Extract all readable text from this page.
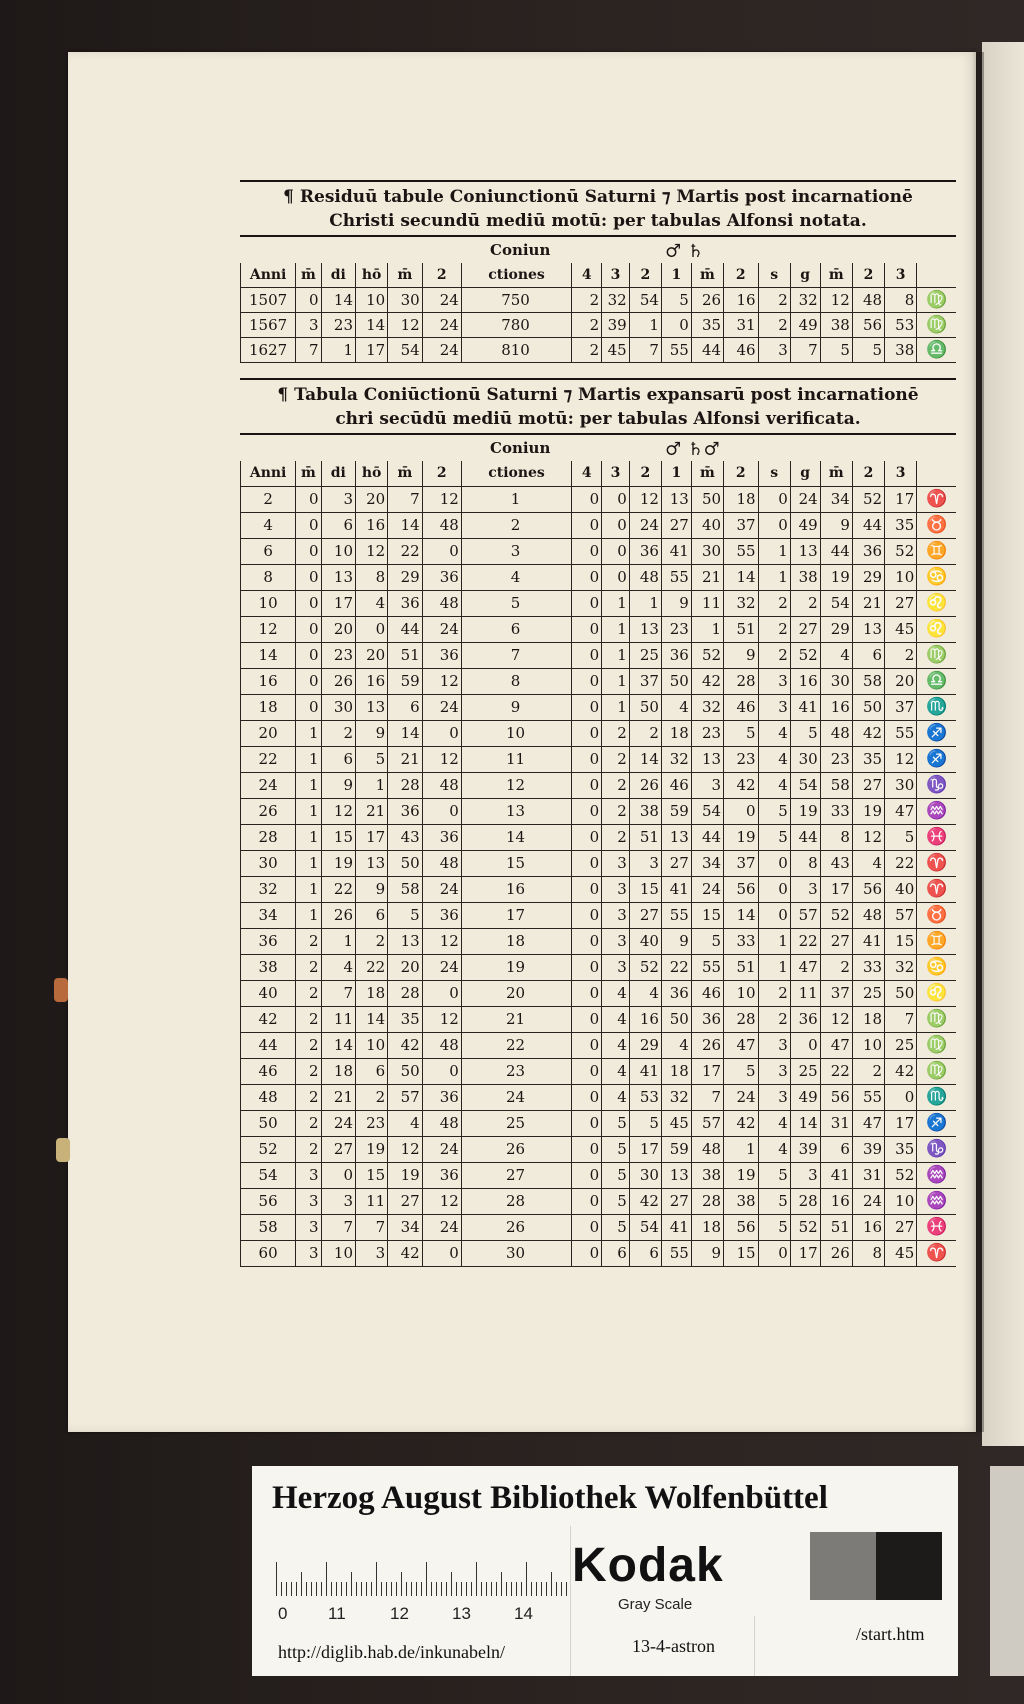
¶ Residuū tabule Coniunctionū Saturni ⁊ Martis post incarnationē
Christi secundū mediū motū: per tabulas Alfonsi notata.
Coniun	♂ ♄
Anni	m̄	di	hō	m̄	2	ctiones	4	3	2	1	m̄	2	s	g	m̄	2	3	
1507	0	14	10	30	24	750	2	32	54	5	26	16	2	32	12	48	8	♍
1567	3	23	14	12	24	780	2	39	1	0	35	31	2	49	38	56	53	♍
1627	7	1	17	54	24	810	2	45	7	55	44	46	3	7	5	5	38	♎
¶ Tabula Coniūctionū Saturni ⁊ Martis expansarū post incarnationē
chri secūdū mediū motū: per tabulas Alfonsi verificata.
Coniun	♂ ♄♂
Anni	m̄	di	hō	m̄	2	ctiones	4	3	2	1	m̄	2	s	g	m̄	2	3	
2	0	3	20	7	12	1	0	0	12	13	50	18	0	24	34	52	17	♈
4	0	6	16	14	48	2	0	0	24	27	40	37	0	49	9	44	35	♉
6	0	10	12	22	0	3	0	0	36	41	30	55	1	13	44	36	52	♊
8	0	13	8	29	36	4	0	0	48	55	21	14	1	38	19	29	10	♋
10	0	17	4	36	48	5	0	1	1	9	11	32	2	2	54	21	27	♌
12	0	20	0	44	24	6	0	1	13	23	1	51	2	27	29	13	45	♌
14	0	23	20	51	36	7	0	1	25	36	52	9	2	52	4	6	2	♍
16	0	26	16	59	12	8	0	1	37	50	42	28	3	16	30	58	20	♎
18	0	30	13	6	24	9	0	1	50	4	32	46	3	41	16	50	37	♏
20	1	2	9	14	0	10	0	2	2	18	23	5	4	5	48	42	55	♐
22	1	6	5	21	12	11	0	2	14	32	13	23	4	30	23	35	12	♐
24	1	9	1	28	48	12	0	2	26	46	3	42	4	54	58	27	30	♑
26	1	12	21	36	0	13	0	2	38	59	54	0	5	19	33	19	47	♒
28	1	15	17	43	36	14	0	2	51	13	44	19	5	44	8	12	5	♓
30	1	19	13	50	48	15	0	3	3	27	34	37	0	8	43	4	22	♈
32	1	22	9	58	24	16	0	3	15	41	24	56	0	3	17	56	40	♈
34	1	26	6	5	36	17	0	3	27	55	15	14	0	57	52	48	57	♉
36	2	1	2	13	12	18	0	3	40	9	5	33	1	22	27	41	15	♊
38	2	4	22	20	24	19	0	3	52	22	55	51	1	47	2	33	32	♋
40	2	7	18	28	0	20	0	4	4	36	46	10	2	11	37	25	50	♌
42	2	11	14	35	12	21	0	4	16	50	36	28	2	36	12	18	7	♍
44	2	14	10	42	48	22	0	4	29	4	26	47	3	0	47	10	25	♍
46	2	18	6	50	0	23	0	4	41	18	17	5	3	25	22	2	42	♍
48	2	21	2	57	36	24	0	4	53	32	7	24	3	49	56	55	0	♏
50	2	24	23	4	48	25	0	5	5	45	57	42	4	14	31	47	17	♐
52	2	27	19	12	24	26	0	5	17	59	48	1	4	39	6	39	35	♑
54	3	0	15	19	36	27	0	5	30	13	38	19	5	3	41	31	52	♒
56	3	3	11	27	12	28	0	5	42	27	28	38	5	28	16	24	10	♒
58	3	7	7	34	24	26	0	5	54	41	18	56	5	52	51	16	27	♓
60	3	10	3	42	0	30	0	6	6	55	9	15	0	17	26	8	45	♈
Herzog August Bibliothek Wolfenbüttel
0 11	12	13	14
Kodak
Gray Scale
http://diglib.hab.de/inkunabeln/	13-4-astron
/start.htm
